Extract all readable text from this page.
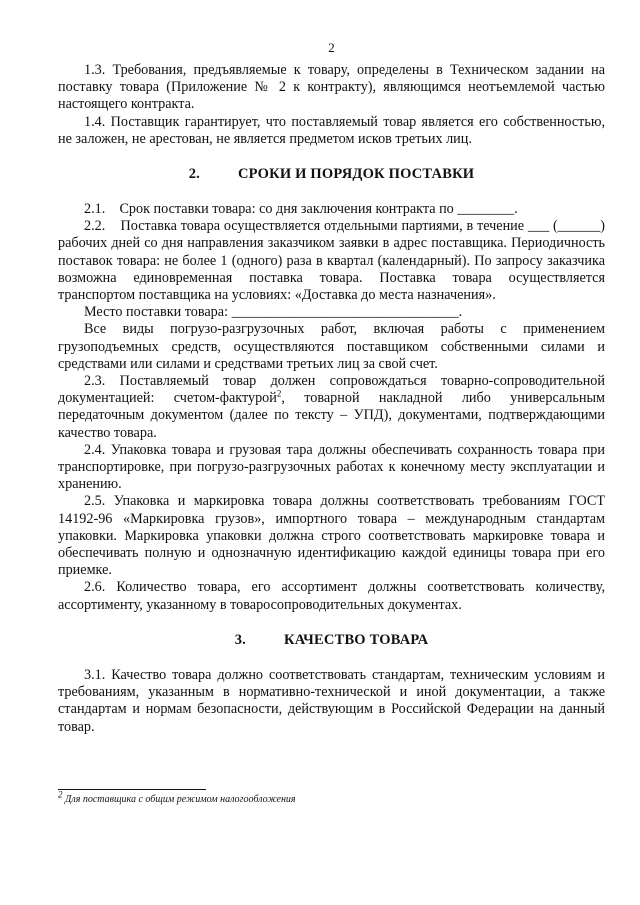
2

1.3. Требования, предъявляемые к товару, определены в Техническом задании на поставку товара (Приложение № 2 к контракту), являющимся неотъемлемой частью настоящего контракта.

1.4. Поставщик гарантирует, что поставляемый товар является его собственностью, не заложен, не арестован, не является предметом исков третьих лиц.

2.	СРОКИ И ПОРЯДОК ПОСТАВКИ

2.1.    Срок поставки товара: со дня заключения контракта по ________.

2.2.    Поставка товара осуществляется отдельными партиями, в течение ___ (______) рабочих дней со дня направления заказчиком заявки в адрес поставщика. Периодичность поставок товара: не более 1 (одного) раза в квартал (календарный). По запросу заказчика возможна единовременная поставка товара. Поставка товара осуществляется транспортом поставщика на условиях: «Доставка до места назначения».

Место поставки товара: ________________________________.

Все виды погрузо-разгрузочных работ, включая работы с применением грузоподъемных средств, осуществляются поставщиком собственными силами и средствами или силами и средствами третьих лиц за свой счет.

2.3. Поставляемый товар должен сопровождаться товарно-сопроводительной документацией: счетом-фактурой$^2$, товарной накладной либо универсальным передаточным документом (далее по тексту – УПД), документами, подтверждающими качество товара.

2.4. Упаковка товара и грузовая тара должны обеспечивать сохранность товара при транспортировке, при погрузо-разгрузочных работах к конечному месту эксплуатации и хранению.

2.5. Упаковка и маркировка товара должны соответствовать требованиям ГОСТ 14192-96 «Маркировка грузов», импортного товара – международным стандартам упаковки. Маркировка упаковки должна строго соответствовать маркировке товара и обеспечивать полную и однозначную идентификацию каждой единицы товара при его приемке.

2.6. Количество товара, его ассортимент должны соответствовать количеству, ассортименту, указанному в товаросопроводительных документах.

3.	КАЧЕСТВО ТОВАРА

3.1. Качество товара должно соответствовать стандартам, техническим условиям и требованиям, указанным в нормативно-технической и иной документации, а также стандартам и нормам безопасности, действующим в Российской Федерации на данный товар.

$^2$ Для поставщика с общим режимом налогообложения
